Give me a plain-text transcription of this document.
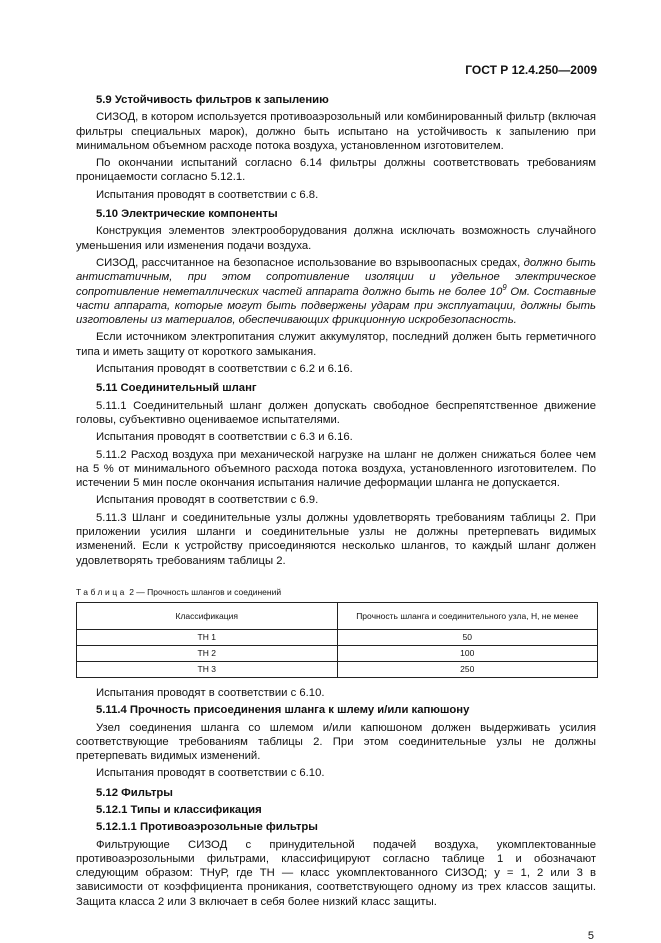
ГОСТ Р 12.4.250—2009
5.9 Устойчивость фильтров к запылению
СИЗОД, в котором используется противоаэрозольный или комбинированный фильтр (включая фильтры специальных марок), должно быть испытано на устойчивость к запылению при минимальном объемном расходе потока воздуха, установленном изготовителем.
По окончании испытаний согласно 6.14 фильтры должны соответствовать требованиям проницаемости согласно 5.12.1.
Испытания проводят в соответствии с 6.8.
5.10 Электрические компоненты
Конструкция элементов электрооборудования должна исключать возможность случайного уменьшения или изменения подачи воздуха.
СИЗОД, рассчитанное на безопасное использование во взрывоопасных средах, должно быть антистатичным, при этом сопротивление изоляции и удельное электрическое сопротивление неметаллических частей аппарата должно быть не более $10^9$ Ом. Составные части аппарата, которые могут быть подвержены ударам при эксплуатации, должны быть изготовлены из материалов, обеспечивающих фрикционную искробезопасность.
Если источником электропитания служит аккумулятор, последний должен быть герметичного типа и иметь защиту от короткого замыкания.
Испытания проводят в соответствии с 6.2 и 6.16.
5.11 Соединительный шланг
5.11.1 Соединительный шланг должен допускать свободное беспрепятственное движение головы, субъективно оцениваемое испытателями.
Испытания проводят в соответствии с 6.3 и 6.16.
5.11.2 Расход воздуха при механической нагрузке на шланг не должен снижаться более чем на 5 % от минимального объемного расхода потока воздуха, установленного изготовителем. По истечении 5 мин после окончания испытания наличие деформации шланга не допускается.
Испытания проводят в соответствии с 6.9.
5.11.3 Шланг и соединительные узлы должны удовлетворять требованиям таблицы 2. При приложении усилия шланги и соединительные узлы не должны претерпевать видимых изменений. Если к устройству присоединяются несколько шлангов, то каждый шланг должен удовлетворять требованиям таблицы 2.
Таблица 2 — Прочность шлангов и соединений
Классификация	Прочность шланга и соединительного узла, Н, не менее
ТН 1	50
ТН 2	100
ТН 3	250
Испытания проводят в соответствии с 6.10.
5.11.4 Прочность присоединения шланга к шлему и/или капюшону
Узел соединения шланга со шлемом и/или капюшоном должен выдерживать усилия соответствующие требованиям таблицы 2. При этом соединительные узлы не должны претерпевать видимых изменений.
Испытания проводят в соответствии с 6.10.
5.12 Фильтры
5.12.1 Типы и классификация
5.12.1.1 Противоаэрозольные фильтры
Фильтрующие СИЗОД с принудительной подачей воздуха, укомплектованные противоаэрозольными фильтрами, классифицируют согласно таблице 1 и обозначают следующим образом: ТНуР, где ТН — класс укомплектованного СИЗОД; у = 1, 2 или 3 в зависимости от коэффициента проникания, соответствующего одному из трех классов защиты. Защита класса 2 или 3 включает в себя более низкий класс защиты.
5
